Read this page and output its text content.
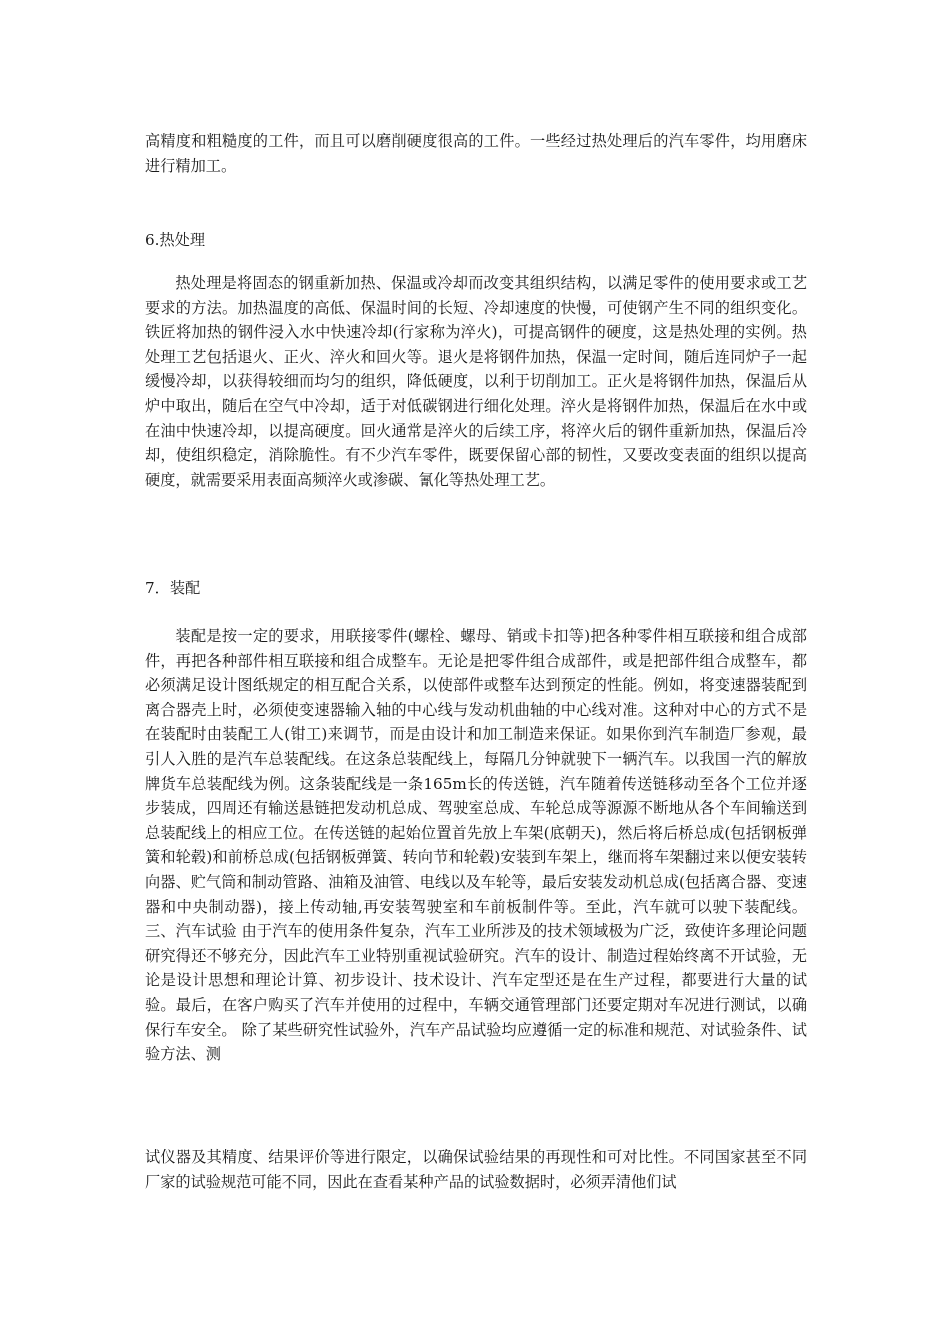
高精度和粗糙度的工件，而且可以磨削硬度很高的工件。一些经过热处理后的汽车零件，均用磨床进行精加工。

6.热处理

热处理是将固态的钢重新加热、保温或冷却而改变其组织结构，以满足零件的使用要求或工艺要求的方法。加热温度的高低、保温时间的长短、冷却速度的快慢，可使钢产生不同的组织变化。铁匠将加热的钢件浸入水中快速冷却(行家称为淬火)，可提高钢件的硬度，这是热处理的实例。热处理工艺包括退火、正火、淬火和回火等。退火是将钢件加热，保温一定时间，随后连同炉子一起缓慢冷却，以获得较细而均匀的组织，降低硬度，以利于切削加工。正火是将钢件加热，保温后从炉中取出，随后在空气中冷却，适于对低碳钢进行细化处理。淬火是将钢件加热，保温后在水中或在油中快速冷却，以提高硬度。回火通常是淬火的后续工序，将淬火后的钢件重新加热，保温后冷却，使组织稳定，消除脆性。有不少汽车零件，既要保留心部的韧性，又要改变表面的组织以提高硬度，就需要采用表面高频淬火或渗碳、氰化等热处理工艺。

7．装配

装配是按一定的要求，用联接零件(螺栓、螺母、销或卡扣等)把各种零件相互联接和组合成部件，再把各种部件相互联接和组合成整车。无论是把零件组合成部件，或是把部件组合成整车，都必须满足设计图纸规定的相互配合关系，以使部件或整车达到预定的性能。例如，将变速器装配到离合器壳上时，必须使变速器输入轴的中心线与发动机曲轴的中心线对准。这种对中心的方式不是在装配时由装配工人(钳工)来调节，而是由设计和加工制造来保证。如果你到汽车制造厂参观，最引人入胜的是汽车总装配线。在这条总装配线上，每隔几分钟就驶下一辆汽车。以我国一汽的解放牌货车总装配线为例。这条装配线是一条165m长的传送链，汽车随着传送链移动至各个工位并逐步装成，四周还有输送悬链把发动机总成、驾驶室总成、车轮总成等源源不断地从各个车间输送到总装配线上的相应工位。在传送链的起始位置首先放上车架(底朝天)，然后将后桥总成(包括钢板弹簧和轮毂)和前桥总成(包括钢板弹簧、转向节和轮毂)安装到车架上，继而将车架翻过来以便安装转向器、贮气筒和制动管路、油箱及油管、电线以及车轮等，最后安装发动机总成(包括离合器、变速器和中央制动器)，接上传动轴,再安装驾驶室和车前板制件等。至此，汽车就可以驶下装配线。 三、汽车试验 由于汽车的使用条件复杂，汽车工业所涉及的技术领域极为广泛，致使许多理论问题研究得还不够充分，因此汽车工业特别重视试验研究。汽车的设计、制造过程始终离不开试验，无论是设计思想和理论计算、初步设计、技术设计、汽车定型还是在生产过程，都要进行大量的试验。最后，在客户购买了汽车并使用的过程中，车辆交通管理部门还要定期对车况进行测试，以确保行车安全。 除了某些研究性试验外，汽车产品试验均应遵循一定的标准和规范、对试验条件、试验方法、测

试仪器及其精度、结果评价等进行限定，以确保试验结果的再现性和可对比性。不同国家甚至不同厂家的试验规范可能不同，因此在查看某种产品的试验数据时，必须弄清他们试
